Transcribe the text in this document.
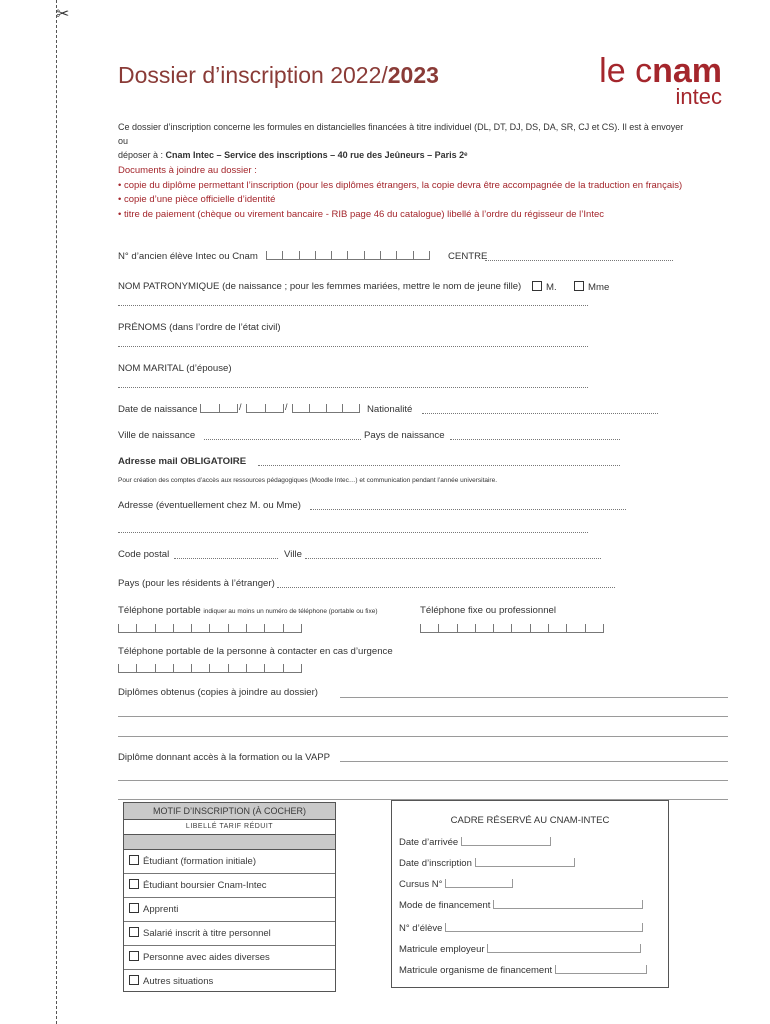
✂
Dossier d’inscription 2022/2023	le cnam
intec
Ce dossier d’inscription concerne les formules en distancielles financées à titre individuel (DL, DT, DJ, DS, DA, SR, CJ et CS). Il est à envoyer ou
déposer à : Cnam Intec – Service des inscriptions – 40 rue des Jeûneurs – Paris 2ᵉ
Documents à joindre au dossier :
• copie du diplôme permettant l’inscription (pour les diplômes étrangers, la copie devra être accompagnée de la traduction en français)
• copie d’une pièce officielle d’identité
• titre de paiement (chèque ou virement bancaire - RIB page 46 du catalogue) libellé à l’ordre du régisseur de l’Intec
N° d’ancien élève Intec ou Cnam	CENTRE
NOM PATRONYMIQUE (de naissance ; pour les femmes mariées, mettre le nom de jeune fille)	M.	Mme
PRÉNOMS (dans l’ordre de l’état civil)
NOM MARITAL (d’épouse)
Date de naissance	/	/	Nationalité
Ville de naissance	Pays de naissance
Adresse mail OBLIGATOIRE
Pour création des comptes d’accès aux ressources pédagogiques (Moodle Intec…) et communication pendant l’année universitaire.
Adresse (éventuellement chez M. ou Mme)
Code postal	Ville
Pays (pour les résidents à l’étranger)
Téléphone portable indiquer au moins un numéro de téléphone (portable ou fixe)	Téléphone fixe ou professionnel
Téléphone portable de la personne à contacter en cas d’urgence
Diplômes obtenus (copies à joindre au dossier)
Diplôme donnant accès à la formation ou la VAPP
MOTIF D’INSCRIPTION (À COCHER)
LIBELLÉ TARIF RÉDUIT
Étudiant (formation initiale)
Étudiant boursier Cnam-Intec
Apprenti
Salarié inscrit à titre personnel
Personne avec aides diverses
Autres situations
CADRE RÉSERVÉ AU CNAM-INTEC
Date d’arrivée
Date d’inscription
Cursus N°
Mode de financement
N° d’élève
Matricule employeur
Matricule organisme de financement
